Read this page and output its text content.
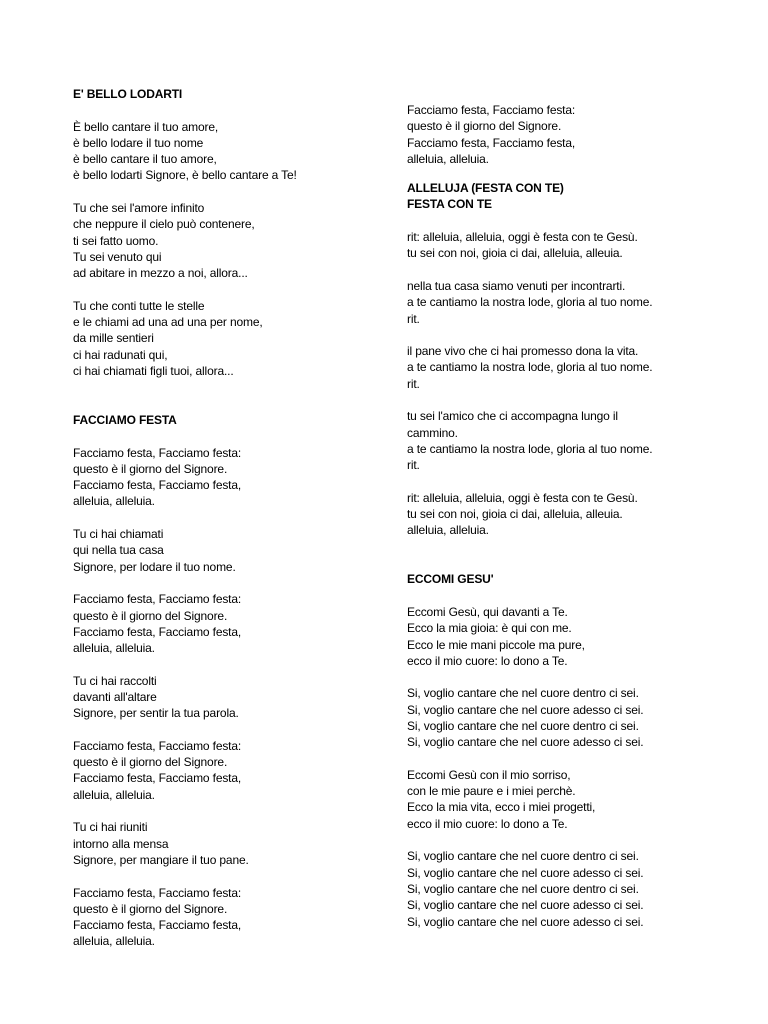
E' BELLO LODARTI
È bello cantare il tuo amore,
è bello lodare il tuo nome
è bello cantare il tuo amore,
è bello lodarti Signore, è bello cantare a Te!
Tu che sei l'amore infinito
che neppure il cielo può contenere,
ti sei fatto uomo.
Tu sei venuto qui
ad abitare in mezzo a noi, allora...
Tu che conti tutte le stelle
e le chiami ad una ad una per nome,
da mille sentieri
ci hai radunati qui,
ci hai chiamati figli tuoi, allora...
FACCIAMO FESTA
Facciamo festa, Facciamo festa:
questo è il giorno del Signore.
Facciamo festa, Facciamo festa,
alleluia, alleluia.
Tu ci hai chiamati
qui nella tua casa
Signore, per lodare il tuo nome.
Facciamo festa, Facciamo festa:
questo è il giorno del Signore.
Facciamo festa, Facciamo festa,
alleluia, alleluia.
Tu ci hai raccolti
davanti all'altare
Signore, per sentir la tua parola.
Facciamo festa, Facciamo festa:
questo è il giorno del Signore.
Facciamo festa, Facciamo festa,
alleluia, alleluia.
Tu ci hai riuniti
intorno alla mensa
Signore, per mangiare il tuo pane.
Facciamo festa, Facciamo festa:
questo è il giorno del Signore.
Facciamo festa, Facciamo festa,
alleluia, alleluia.
Facciamo festa, Facciamo festa:
questo è il giorno del Signore.
Facciamo festa, Facciamo festa,
alleluia, alleluia.
ALLELUJA (FESTA CON TE)
FESTA CON TE
rit: alleluia, alleluia, oggi è festa con te Gesù.
tu sei con noi, gioia ci dai, alleluia, alleuia.
nella tua casa siamo venuti per incontrarti.
a te cantiamo la nostra lode, gloria al tuo nome.
rit.
il pane vivo che ci hai promesso dona la vita.
a te cantiamo la nostra lode, gloria al tuo nome.
rit.
tu sei l'amico che ci accompagna lungo il
cammino.
a te cantiamo la nostra lode, gloria al tuo nome.
rit.
rit: alleluia, alleluia, oggi è festa con te Gesù.
tu sei con noi, gioia ci dai, alleluia, alleuia.
alleluia, alleluia.
ECCOMI GESU'
Eccomi Gesù, qui davanti a Te.
Ecco la mia gioia: è qui con me.
Ecco le mie mani piccole ma pure,
ecco il mio cuore: lo dono a Te.
Si, voglio cantare che nel cuore dentro ci sei.
Si, voglio cantare che nel cuore adesso ci sei.
Si, voglio cantare che nel cuore dentro ci sei.
Si, voglio cantare che nel cuore adesso ci sei.
Eccomi Gesù con il mio sorriso,
con le mie paure e i miei perchè.
Ecco la mia vita, ecco i miei progetti,
ecco il mio cuore: lo dono a Te.
Si, voglio cantare che nel cuore dentro ci sei.
Si, voglio cantare che nel cuore adesso ci sei.
Si, voglio cantare che nel cuore dentro ci sei.
Si, voglio cantare che nel cuore adesso ci sei.
Si, voglio cantare che nel cuore adesso ci sei.
